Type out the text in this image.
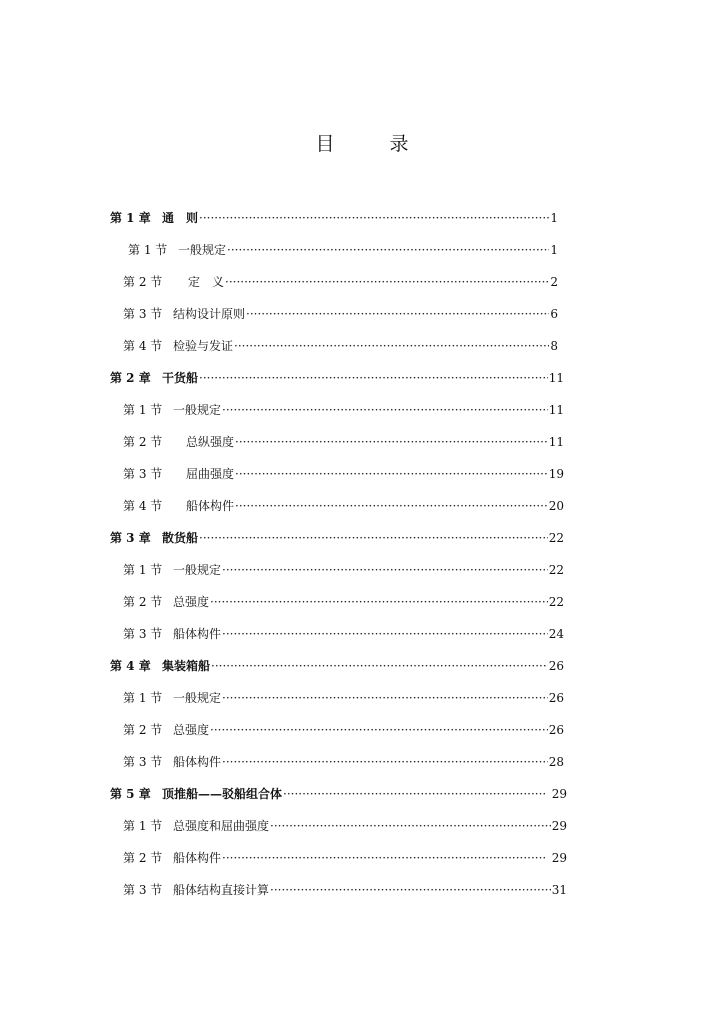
目　录
第 1 章 通　则 ·····	1
第 1 节 一般规定 ·····	1
第 2 节	定　义 ·····	2
第 3 节 结构设计原则 ·····	6
第 4 节 检验与发证 ·····	8
第 2 章 干货船 ·····	11
第 1 节 一般规定 ·····	11
第 2 节	总纵强度 ·····	11
第 3 节	屈曲强度 ·····	19
第 4 节	船体构件 ·····	20
第 3 章 散货船 ·····	22
第 1 节 一般规定 ·····	22
第 2 节 总强度 ·····	22
第 3 节 船体构件 ·····	24
第 4 章 集装箱船 ·····	26
第 1 节 一般规定 ·····	26
第 2 节 总强度 ·····	26
第 3 节 船体构件 ·····	28
第 5 章 顶推船——驳船组合体 ·····	29
第 1 节 总强度和屈曲强度 ·····	29
第 2 节 船体构件 ·····	29
第 3 节 船体结构直接计算 ·····	31
